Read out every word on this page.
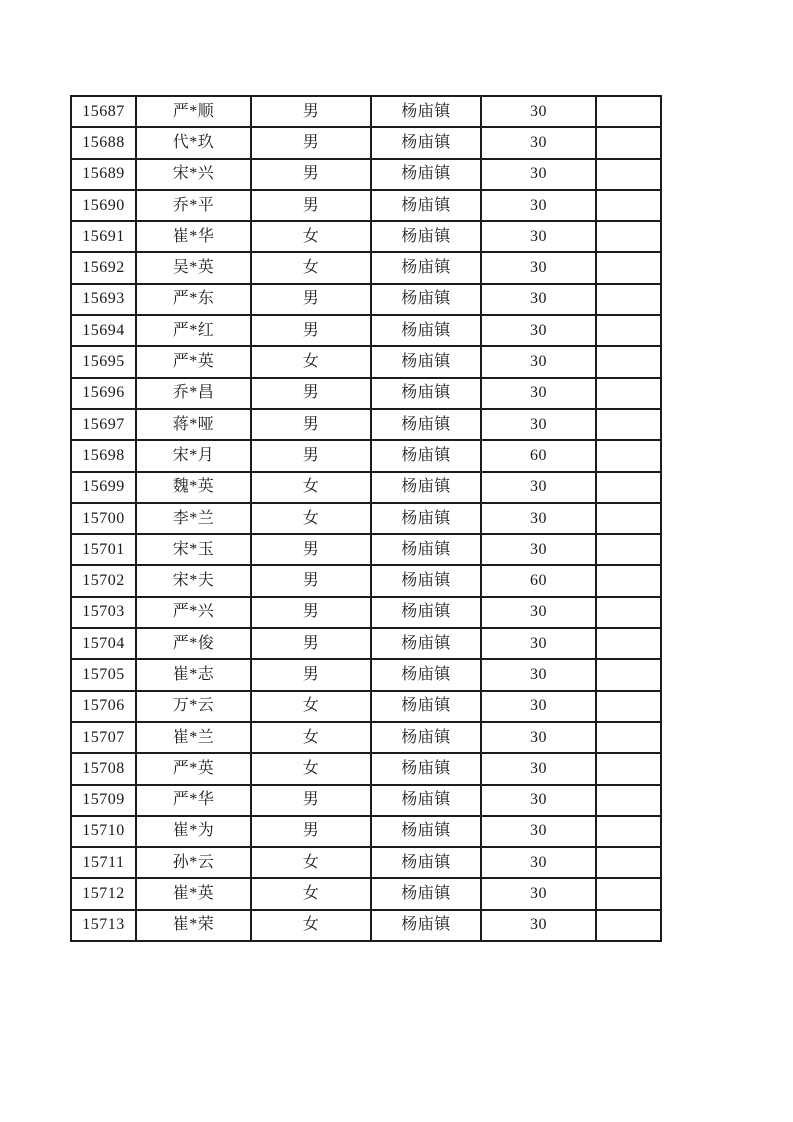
15687	严*顺	男	杨庙镇	30	
15688	代*玖	男	杨庙镇	30	
15689	宋*兴	男	杨庙镇	30	
15690	乔*平	男	杨庙镇	30	
15691	崔*华	女	杨庙镇	30	
15692	吴*英	女	杨庙镇	30	
15693	严*东	男	杨庙镇	30	
15694	严*红	男	杨庙镇	30	
15695	严*英	女	杨庙镇	30	
15696	乔*昌	男	杨庙镇	30	
15697	蒋*哑	男	杨庙镇	30	
15698	宋*月	男	杨庙镇	60	
15699	魏*英	女	杨庙镇	30	
15700	李*兰	女	杨庙镇	30	
15701	宋*玉	男	杨庙镇	30	
15702	宋*夫	男	杨庙镇	60	
15703	严*兴	男	杨庙镇	30	
15704	严*俊	男	杨庙镇	30	
15705	崔*志	男	杨庙镇	30	
15706	万*云	女	杨庙镇	30	
15707	崔*兰	女	杨庙镇	30	
15708	严*英	女	杨庙镇	30	
15709	严*华	男	杨庙镇	30	
15710	崔*为	男	杨庙镇	30	
15711	孙*云	女	杨庙镇	30	
15712	崔*英	女	杨庙镇	30	
15713	崔*荣	女	杨庙镇	30	
